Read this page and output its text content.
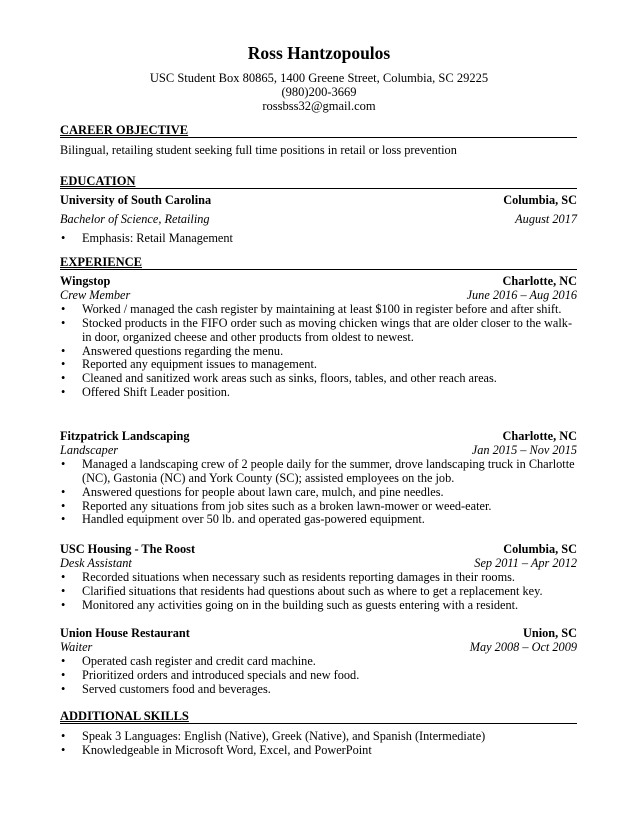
Ross Hantzopoulos
USC Student Box 80865, 1400 Greene Street, Columbia, SC 29225
(980)200-3669
rossbss32@gmail.com
CAREER OBJECTIVE
Bilingual, retailing student seeking full time positions in retail or loss prevention
EDUCATION
University of South Carolina	Columbia, SC
Bachelor of Science, Retailing	August 2017
• Emphasis: Retail Management
EXPERIENCE
Wingstop	Charlotte, NC
Crew Member	June 2016 – Aug 2016
• Worked / managed the cash register by maintaining at least $100 in register before and after shift.
• Stocked products in the FIFO order such as moving chicken wings that are older closer to the walk-in door, organized cheese and other products from oldest to newest.
• Answered questions regarding the menu.
• Reported any equipment issues to management.
• Cleaned and sanitized work areas such as sinks, floors, tables, and other reach areas.
• Offered Shift Leader position.
Fitzpatrick Landscaping	Charlotte, NC
Landscaper	Jan 2015 – Nov 2015
• Managed a landscaping crew of 2 people daily for the summer, drove landscaping truck in Charlotte (NC), Gastonia (NC) and York County (SC); assisted employees on the job.
• Answered questions for people about lawn care, mulch, and pine needles.
• Reported any situations from job sites such as a broken lawn-mower or weed-eater.
• Handled equipment over 50 lb. and operated gas-powered equipment.
USC Housing - The Roost	Columbia, SC
Desk Assistant	Sep 2011 – Apr 2012
• Recorded situations when necessary such as residents reporting damages in their rooms.
• Clarified situations that residents had questions about such as where to get a replacement key.
• Monitored any activities going on in the building such as guests entering with a resident.
Union House Restaurant	Union, SC
Waiter	May 2008 – Oct 2009
• Operated cash register and credit card machine.
• Prioritized orders and introduced specials and new food.
• Served customers food and beverages.
ADDITIONAL SKILLS
• Speak 3 Languages: English (Native), Greek (Native), and Spanish (Intermediate)
• Knowledgeable in Microsoft Word, Excel, and PowerPoint
